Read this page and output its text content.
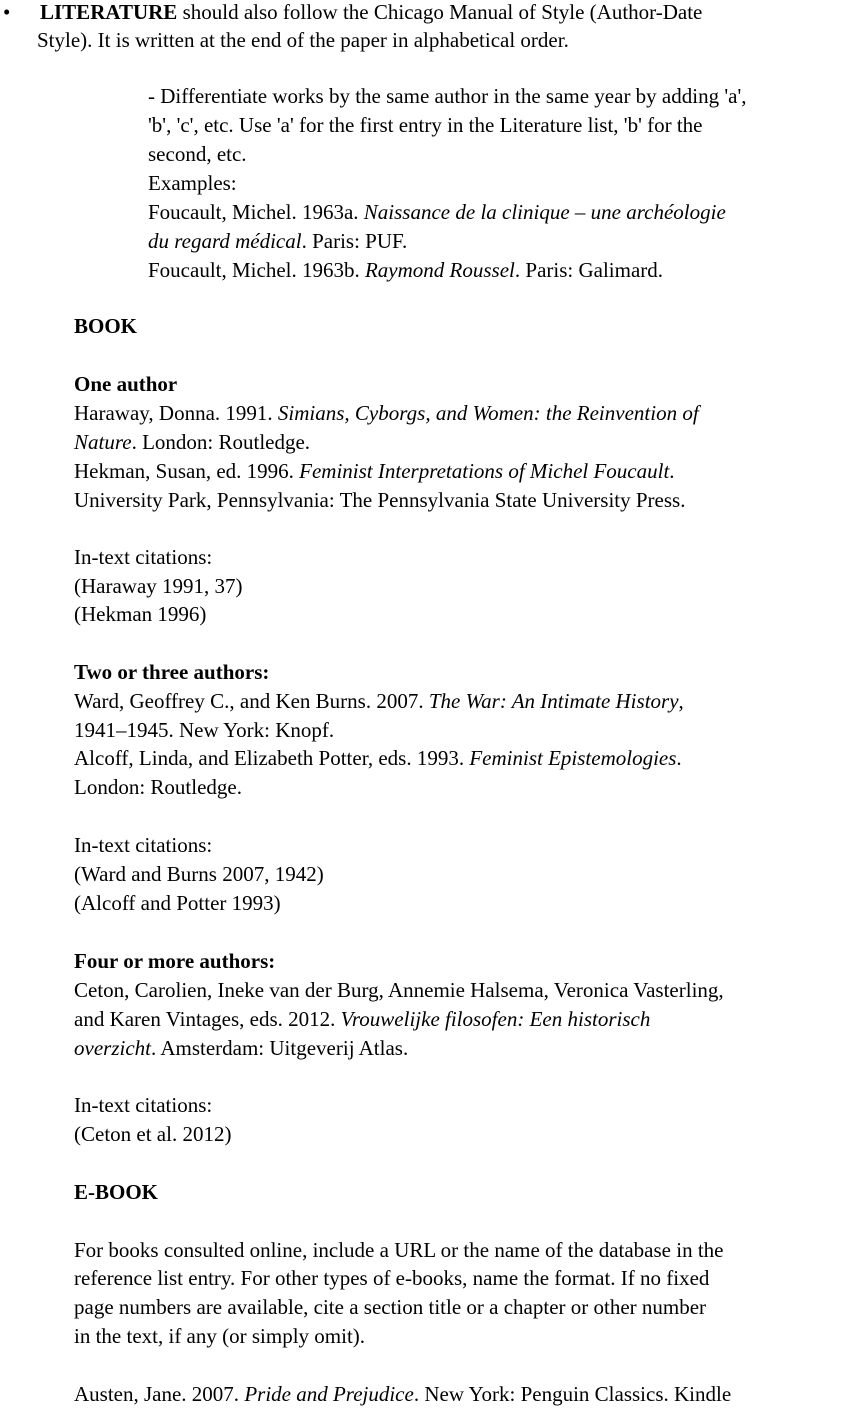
• LITERATURE should also follow the Chicago Manual of Style (Author-Date

Style). It is written at the end of the paper in alphabetical order.

- Differentiate works by the same author in the same year by adding 'a',

'b', 'c', etc. Use 'a' for the first entry in the Literature list, 'b' for the

second, etc.

Examples:

Foucault, Michel. 1963a. Naissance de la clinique – une archéologie

du regard médical. Paris: PUF.

Foucault, Michel. 1963b. Raymond Roussel. Paris: Galimard.

BOOK

One author

Haraway, Donna. 1991. Simians, Cyborgs, and Women: the Reinvention of

Nature. London: Routledge.

Hekman, Susan, ed. 1996. Feminist Interpretations of Michel Foucault.

University Park, Pennsylvania: The Pennsylvania State University Press.

In-text citations:

(Haraway 1991, 37)

(Hekman 1996)

Two or three authors:

Ward, Geoffrey C., and Ken Burns. 2007. The War: An Intimate History,

1941–1945. New York: Knopf.

Alcoff, Linda, and Elizabeth Potter, eds. 1993. Feminist Epistemologies.

London: Routledge.

In-text citations:

(Ward and Burns 2007, 1942)

(Alcoff and Potter 1993)

Four or more authors:

Ceton, Carolien, Ineke van der Burg, Annemie Halsema, Veronica Vasterling,

and Karen Vintages, eds. 2012. Vrouwelijke filosofen: Een historisch

overzicht. Amsterdam: Uitgeverij Atlas.

In-text citations:

(Ceton et al. 2012)

E-BOOK

For books consulted online, include a URL or the name of the database in the

reference list entry. For other types of e-books, name the format. If no fixed

page numbers are available, cite a section title or a chapter or other number

in the text, if any (or simply omit).

Austen, Jane. 2007. Pride and Prejudice. New York: Penguin Classics. Kindle
